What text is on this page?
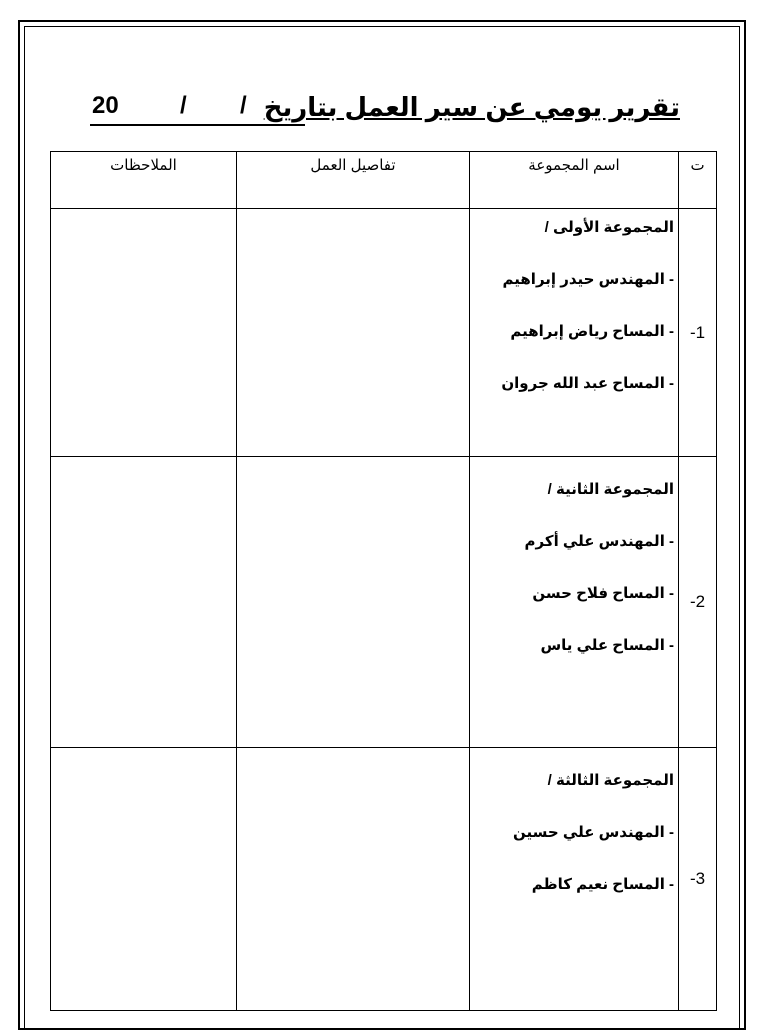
تقرير يومي عن سير العمل بتاريخ
20	/ /
ت	اسم المجموعة	تفاصيل العمل	الملاحظات
-1	المجموعة الأولى /
- المهندس حيدر إبراهيم
- المساح رياض إبراهيم
- المساح عبد الله جروان		

-2	المجموعة الثانية /
- المهندس علي أكرم
- المساح فلاح حسن
- المساح علي ياس		

-3	المجموعة الثالثة /
- المهندس علي حسين
- المساح نعيم كاظم		
